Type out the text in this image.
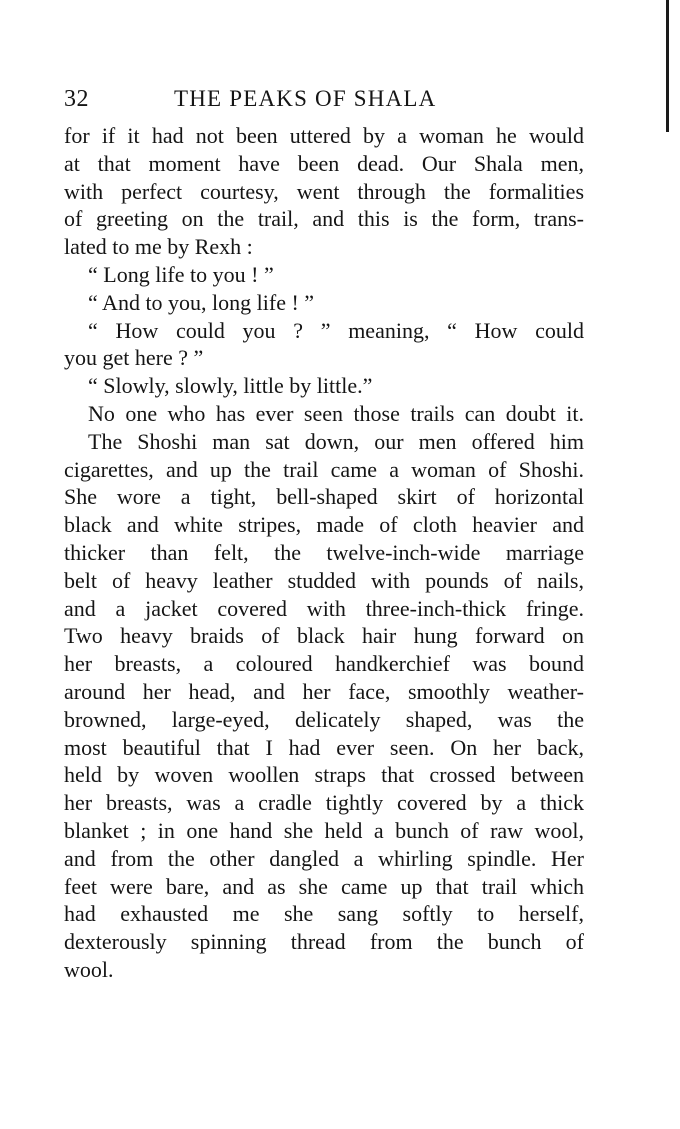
32	THE PEAKS OF SHALA
for if it had not been uttered by a woman he would
at that moment have been dead. Our Shala men,
with perfect courtesy, went through the formalities
of greeting on the trail, and this is the form, trans-
lated to me by Rexh :
“ Long life to you ! ”
“ And to you, long life ! ”
“ How could you ? ” meaning, “ How could
you get here ? ”
“ Slowly, slowly, little by little.”
No one who has ever seen those trails can doubt it.
The Shoshi man sat down, our men offered him
cigarettes, and up the trail came a woman of Shoshi.
She wore a tight, bell-shaped skirt of horizontal
black and white stripes, made of cloth heavier and
thicker than felt, the twelve-inch-wide marriage
belt of heavy leather studded with pounds of nails,
and a jacket covered with three-inch-thick fringe.
Two heavy braids of black hair hung forward on
her breasts, a coloured handkerchief was bound
around her head, and her face, smoothly weather-
browned, large-eyed, delicately shaped, was the
most beautiful that I had ever seen. On her back,
held by woven woollen straps that crossed between
her breasts, was a cradle tightly covered by a thick
blanket ; in one hand she held a bunch of raw wool,
and from the other dangled a whirling spindle. Her
feet were bare, and as she came up that trail which
had exhausted me she sang softly to herself,
dexterously spinning thread from the bunch of
wool.
